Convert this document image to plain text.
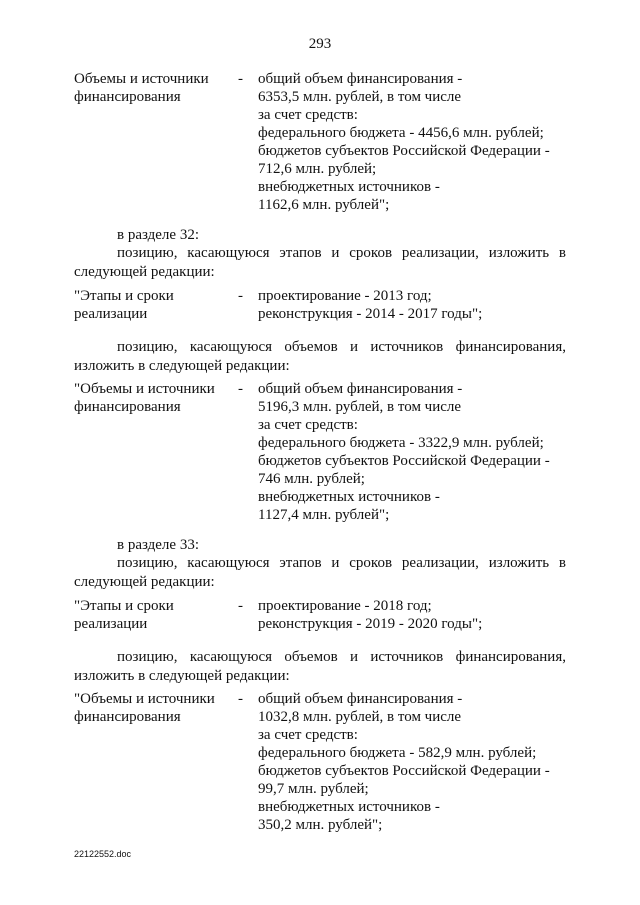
293
Объемы и источники
финансирования
- общий объем финансирования -
6353,5 млн. рублей, в том числе
за счет средств:
федерального бюджета - 4456,6 млн. рублей;
бюджетов субъектов Российской Федерации -
712,6 млн. рублей;
внебюджетных источников -
1162,6 млн. рублей";
в разделе 32:
позицию, касающуюся этапов и сроков реализации, изложить в
следующей редакции:
"Этапы и сроки
реализации
- проектирование - 2013 год;
реконструкция - 2014 - 2017 годы";
позицию, касающуюся объемов и источников финансирования,
изложить в следующей редакции:
"Объемы и источники
финансирования
- общий объем финансирования -
5196,3 млн. рублей, в том числе
за счет средств:
федерального бюджета - 3322,9 млн. рублей;
бюджетов субъектов Российской Федерации -
746 млн. рублей;
внебюджетных источников -
1127,4 млн. рублей";
в разделе 33:
позицию, касающуюся этапов и сроков реализации, изложить в
следующей редакции:
"Этапы и сроки
реализации
- проектирование - 2018 год;
реконструкция - 2019 - 2020 годы";
позицию, касающуюся объемов и источников финансирования,
изложить в следующей редакции:
"Объемы и источники
финансирования
- общий объем финансирования -
1032,8 млн. рублей, в том числе
за счет средств:
федерального бюджета - 582,9 млн. рублей;
бюджетов субъектов Российской Федерации -
99,7 млн. рублей;
внебюджетных источников -
350,2 млн. рублей";
22122552.doc
